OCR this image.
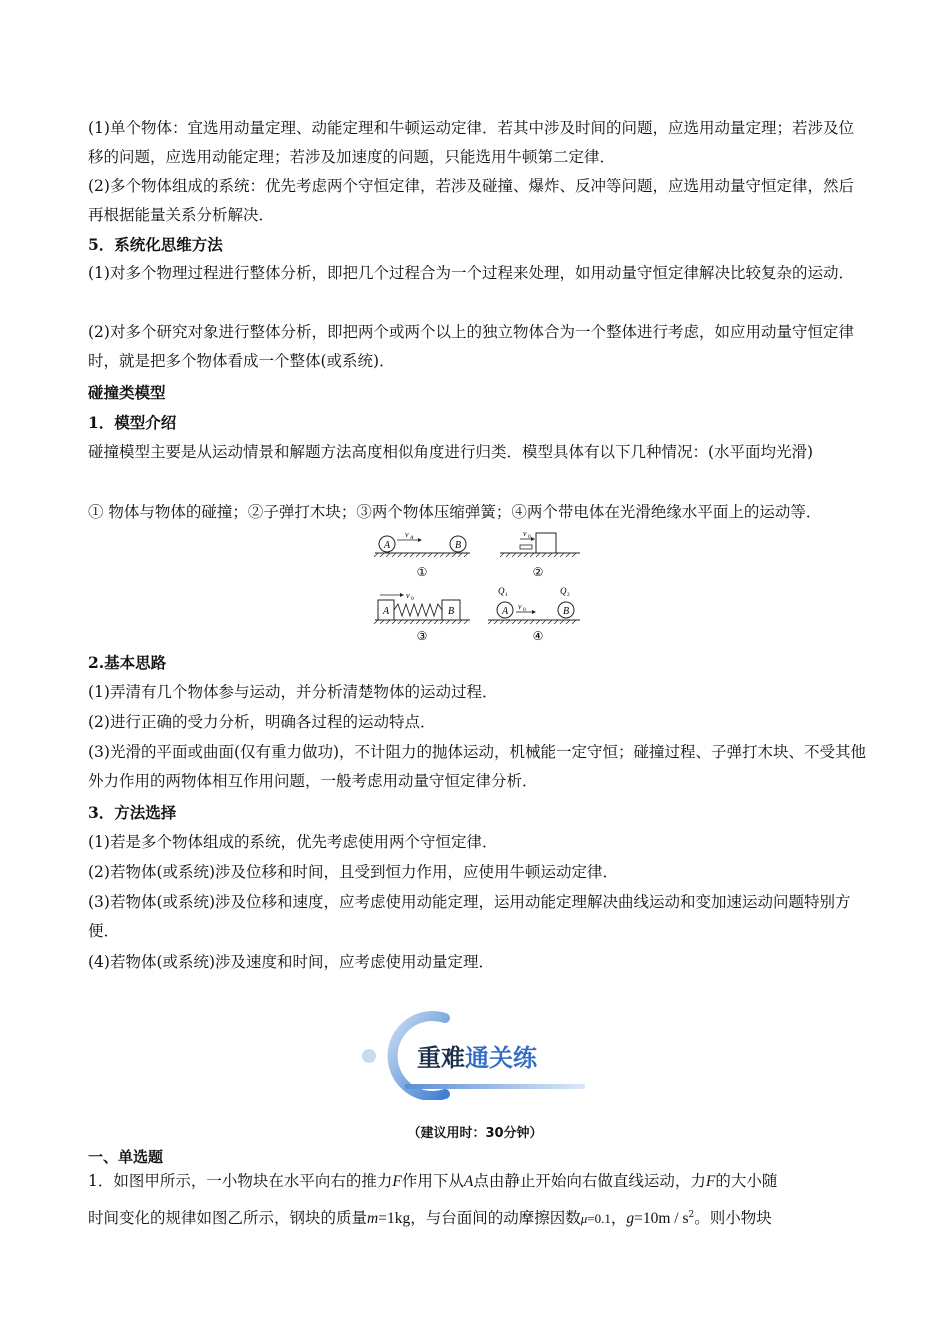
(1)单个物体：宜选用动量定理、动能定理和牛顿运动定律．若其中涉及时间的问题，应选用动量定理；若涉及位移的问题，应选用动能定理；若涉及加速度的问题，只能选用牛顿第二定律．

(2)多个物体组成的系统：优先考虑两个守恒定律，若涉及碰撞、爆炸、反冲等问题，应选用动量守恒定律，然后再根据能量关系分析解决．

5．系统化思维方法

(1)对多个物理过程进行整体分析，即把几个过程合为一个过程来处理，如用动量守恒定律解决比较复杂的运动．

(2)对多个研究对象进行整体分析，即把两个或两个以上的独立物体合为一个整体进行考虑，如应用动量守恒定律时，就是把多个物体看成一个整体(或系统)．

碰撞类模型

1．模型介绍

碰撞模型主要是从运动情景和解题方法高度相似角度进行归类．模型具体有以下几种情况：(水平面均光滑)

① 物体与物体的碰撞；②子弹打木块；③两个物体压缩弹簧；④两个带电体在光滑绝缘水平面上的运动等．

A
v A
B
①
v 0
②
A	B
v 0
③
Q 1
A v 0
Q 2
B
④

2.基本思路

(1)弄清有几个物体参与运动，并分析清楚物体的运动过程．

(2)进行正确的受力分析，明确各过程的运动特点．

(3)光滑的平面或曲面(仅有重力做功)，不计阻力的抛体运动，机械能一定守恒；碰撞过程、子弹打木块、不受其他外力作用的两物体相互作用问题，一般考虑用动量守恒定律分析．

3．方法选择

(1)若是多个物体组成的系统，优先考虑使用两个守恒定律．

(2)若物体(或系统)涉及位移和时间，且受到恒力作用，应使用牛顿运动定律．

(3)若物体(或系统)涉及位移和速度，应考虑使用动能定理，运用动能定理解决曲线运动和变加速运动问题特别方便．

(4)若物体(或系统)涉及速度和时间，应考虑使用动量定理．

重难通关练
（建议用时：30分钟）
一、单选题
1．如图甲所示，一小物块在水平向右的推力F作用下从A点由静止开始向右做直线运动，力F的大小随
时间变化的规律如图乙所示，钢块的质量m=1kg，与台面间的动摩擦因数μ=0.1，$g=10m / s^2$。则小物块
